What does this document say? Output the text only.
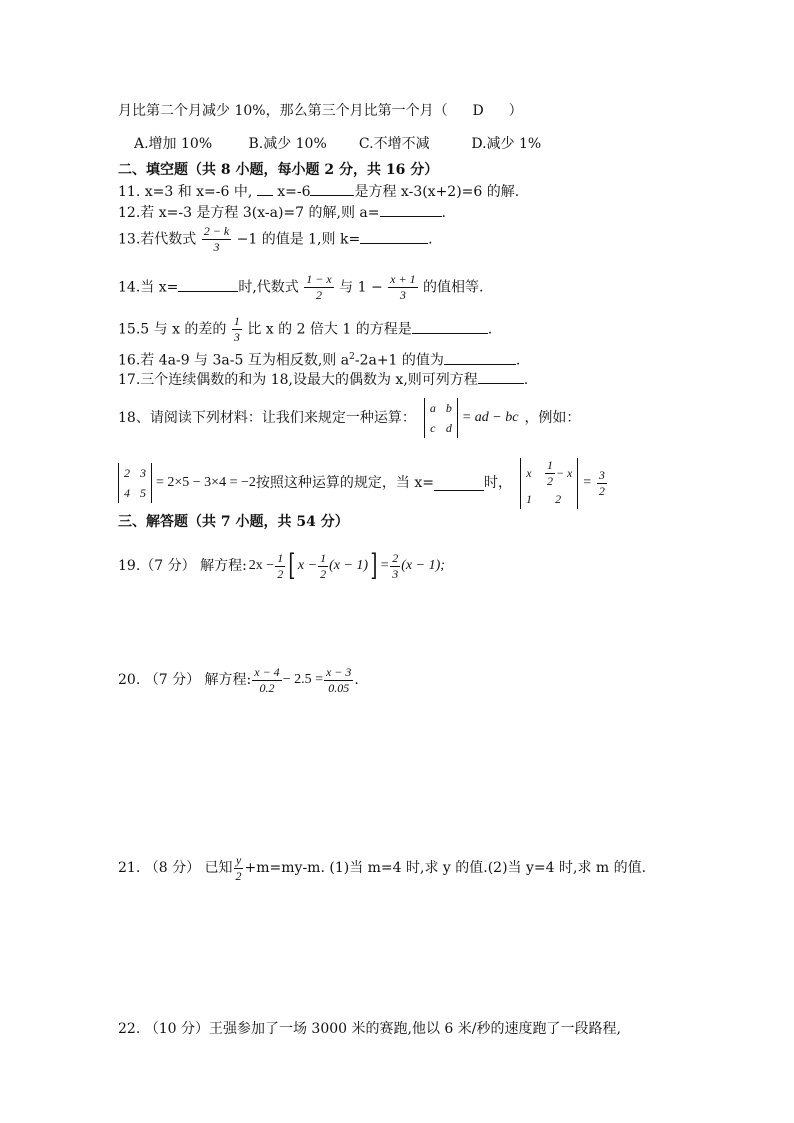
月比第二个月减少 10%，那么第三个月比第一个月（ D ）
A.增加 10%	B.减少 10% C.不增不减	D.减少 1%
二、填空题（共 8 小题，每小题 2 分，共 16 分）
11. x=3 和 x=-6 中, x=-6	是方程 x-3(x+2)=6 的解.
12.若 x=-3 是方程 3(x-a)=7 的解,则 a=	.
13.若代数式 $\frac{2 - k}{3} -1$ 的值是 1,则 k=	.
14.当 x=	时,代数式 $\frac{1 - x}{2}$ 与 $1 - \frac{x + 1}{3}$ 的值相等.
15.5 与 x 的差的 $\frac{1}{3}$ 比 x 的 2 倍大 1 的方程是	.
16.若 4a-9 与 3a-5 互为相反数,则 $a^2-2a+1$ 的值为	.
17.三个连续偶数的和为 18,设最大的偶数为 x,则可列方程	.
18、请阅读下列材料：让我们来规定一种运算：
a b
c d
= ad − bc ，例如：
2 3
4 5
= 2×5 − 3×4 = −2 按照这种运算的规定，当 x=	时，
x $\frac{1}{2} - x$
1	2
= $\frac{3}{2}$
三、解答题（共 7 小题，共 54 分）
19.（7 分） 解方程: $2x - \frac{1}{2}$ [ $x - \frac{1}{2} (x - 1)$ ] = $\frac{2}{3} (x - 1)$;
20. （7 分） 解方程: $\frac{x - 4}{0.2} - 2.5 = \frac{x - 3}{0.05}$ .
21. （8 分） 已知 $\frac{y}{2} +m=my-m$. (1)当 m=4 时,求 y 的值.(2)当 y=4 时,求 m 的值.
22. （10 分）王强参加了一场 3000 米的赛跑,他以 6 米/秒的速度跑了一段路程,
